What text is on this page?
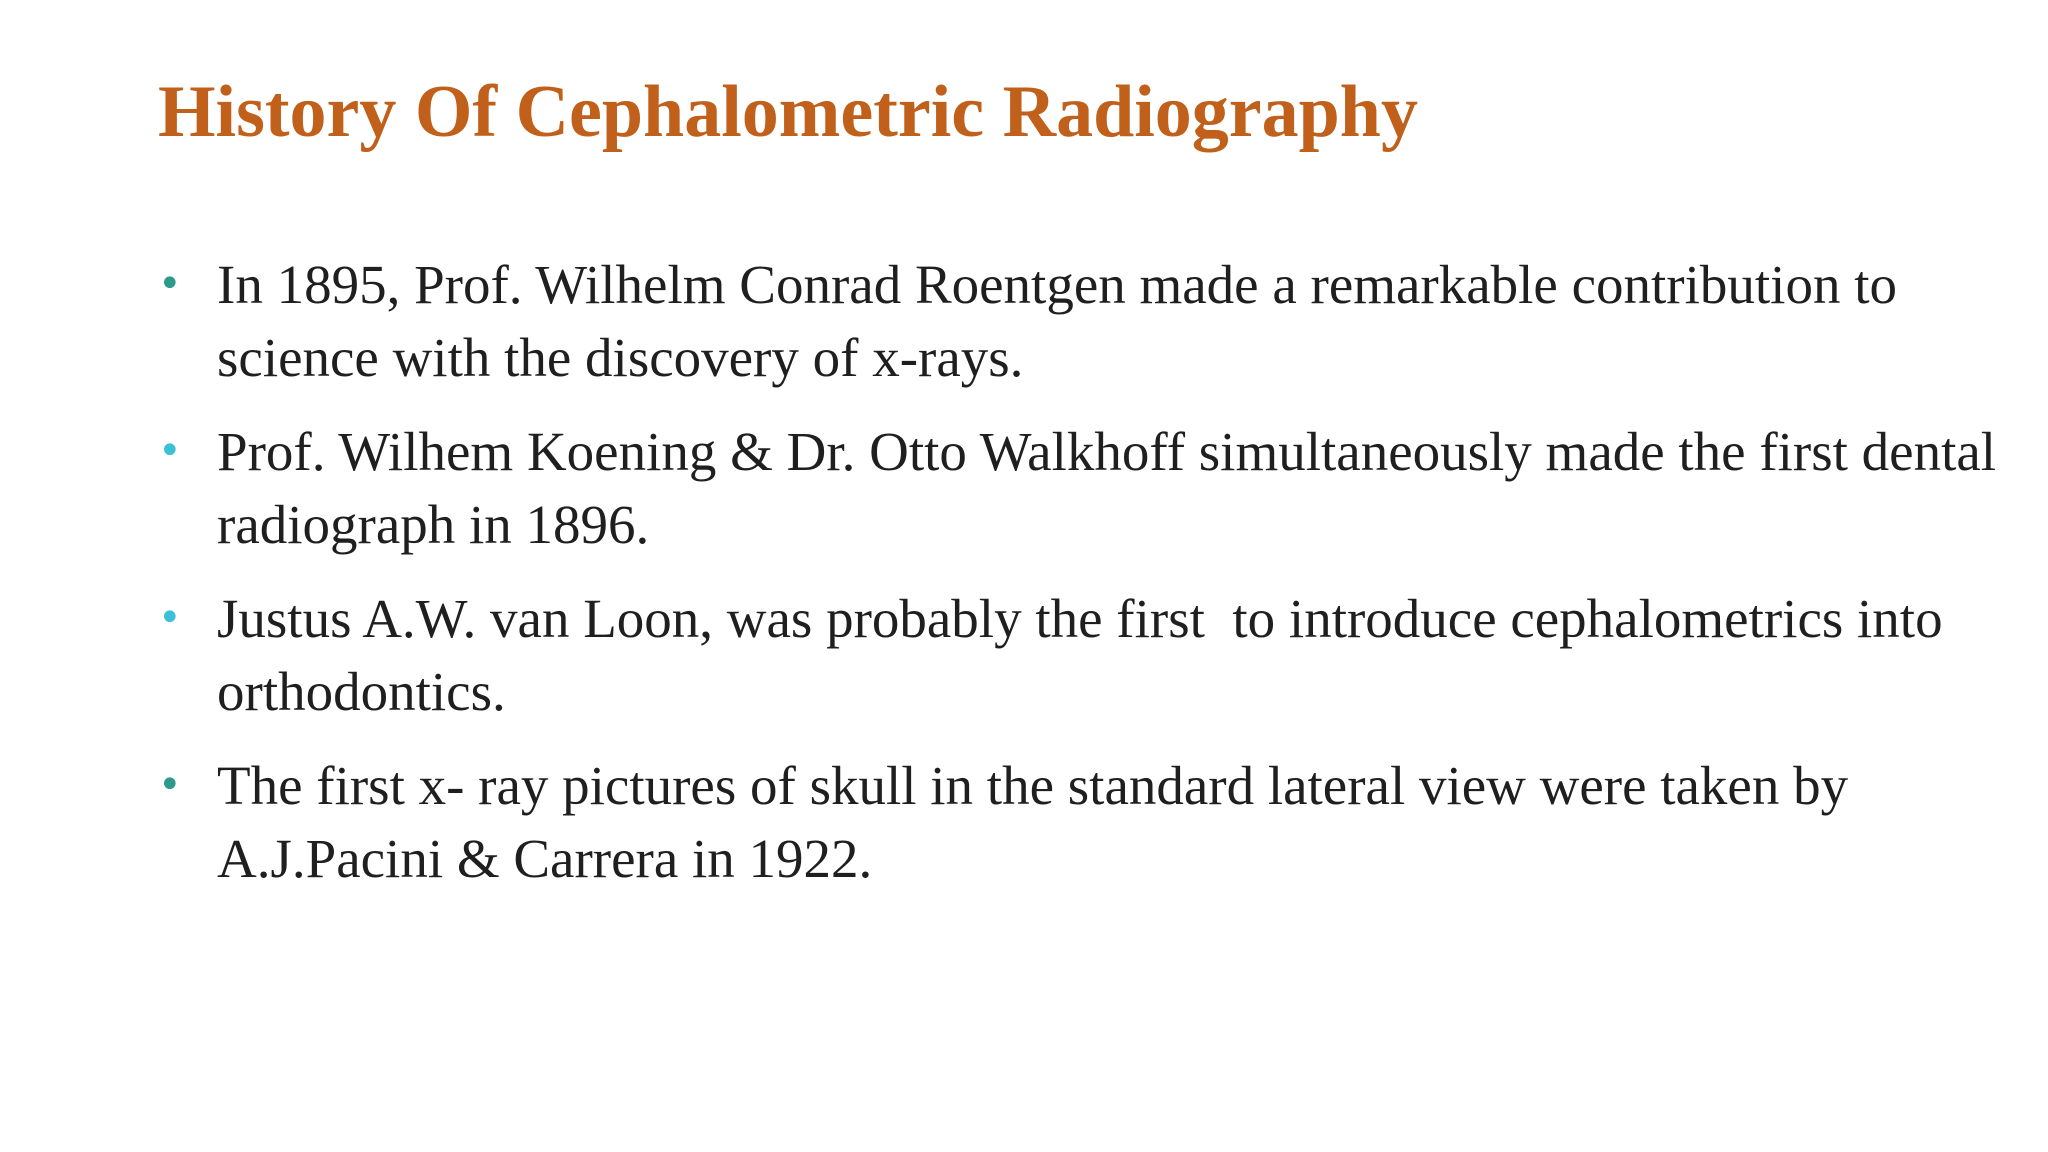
History Of Cephalometric Radiography
• In 1895, Prof. Wilhelm Conrad Roentgen made a remarkable contribution to science with the discovery of x-rays.
• Prof. Wilhem Koening & Dr. Otto Walkhoff simultaneously made the first dental radiograph in 1896.
• Justus A.W. van Loon, was probably the first  to introduce cephalometrics into orthodontics.
• The first x- ray pictures of skull in the standard lateral view were taken by A.J.Pacini & Carrera in 1922.
